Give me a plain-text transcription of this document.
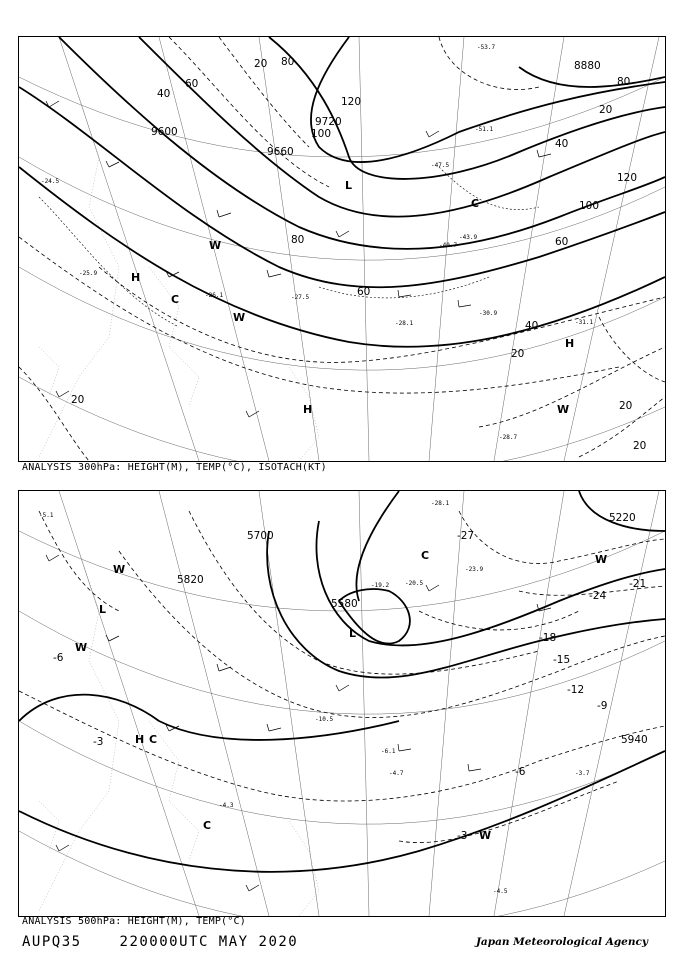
9600
9660
9720
8880
20
40
60
80
100
120
80
60
40
20
40
60
80
100
120
20
20	20
20
H
H
H
L
C
C
W
W
W
-24.5
-25.9
-26.1	-27.5
-28.1
-30.9
-31.1
-28.7
-40.7
-43.9
-47.5
-51.1
-53.7
ANALYSIS 300hPa: HEIGHT(M), TEMP(°C), ISOTACH(KT)
5700
5820
5580
5940
5220
-3
-6
-9
-12
-15
-18
-21
-24
-27
-3
-6
H
L
L
C
C
C
W
W
W
W
-5.1
-4.7
-6.1
-10.5
-19.2	-20.5
-23.9
-28.1
-4.3
-3.7
-4.5
ANALYSIS 500hPa: HEIGHT(M), TEMP(°C)
AUPQ35	220000UTC MAY 2020	Japan Meteorological Agency
